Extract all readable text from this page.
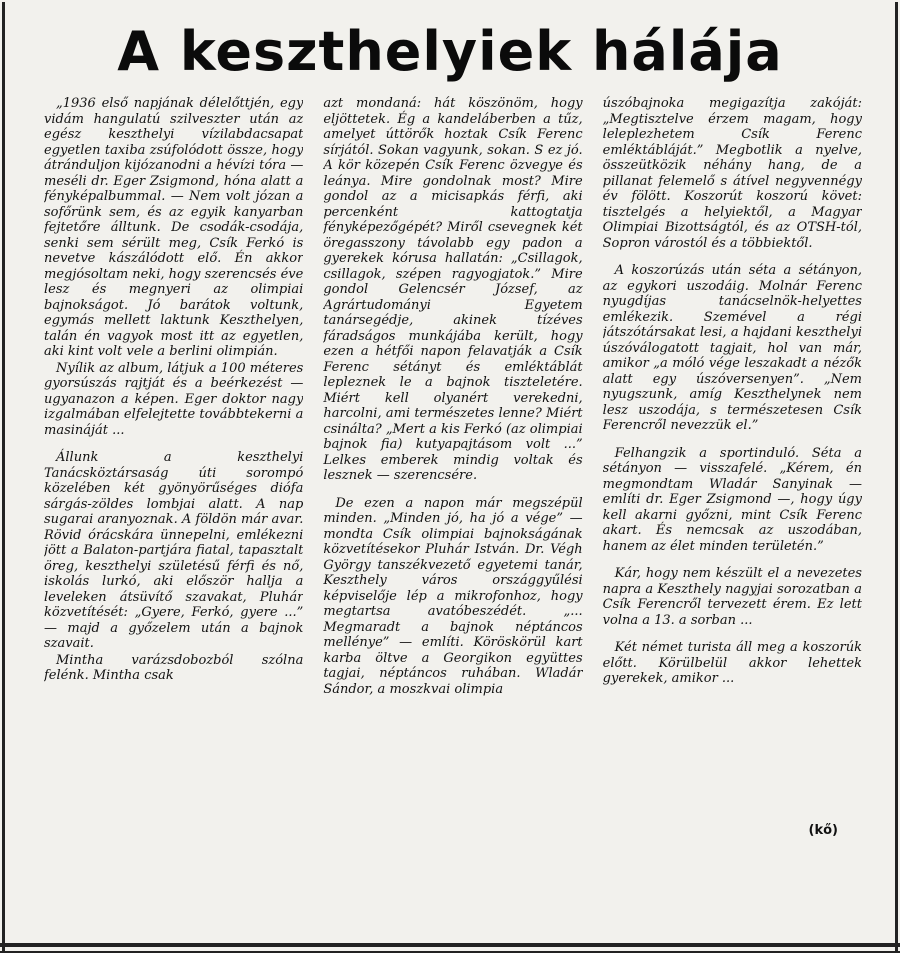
A keszthelyiek hálája

„1936 első napjának délelőttjén, egy vidám hangulatú szilveszter után az egész keszthelyi vízilabdacsapat egyetlen taxiba zsúfolódott össze, hogy átránduljon kijózanodni a hévízi tóra — meséli dr. Eger Zsigmond, hóna alatt a fényképalbummal. — Nem volt józan a sofőrünk sem, és az egyik kanyarban fejtetőre álltunk. De csodák-csodája, senki sem sérült meg, Csík Ferkó is nevetve kászálódott elő. Én akkor megjósoltam neki, hogy szerencsés éve lesz és megnyeri az olimpiai bajnokságot. Jó barátok voltunk, egymás mellett laktunk Keszthelyen, talán én vagyok most itt az egyetlen, aki kint volt vele a berlini olimpián.

Nyílik az album, látjuk a 100 méteres gyorsúszás rajtját és a beérkezést — ugyanazon a képen. Eger doktor nagy izgalmában elfelejtette továbbtekerni a masináját ...

Állunk a keszthelyi Tanácsköztársaság úti sorompó közelében két gyönyörűséges diófa sárgás-zöldes lombjai alatt. A nap sugarai aranyoznak. A földön már avar. Rövid órácskára ünnepelni, emlékezni jött a Balaton-partjára fiatal, tapasztalt öreg, keszthelyi születésű férfi és nő, iskolás lurkó, aki először hallja a leveleken átsüvítő szavakat, Pluhár közvetítését: „Gyere, Ferkó, gyere ...” — majd a győzelem után a bajnok szavait.

Mintha varázsdobozból szólna felénk. Mintha csak

azt mondaná: hát köszönöm, hogy eljöttetek. Ég a kandeláberben a tűz, amelyet úttörők hoztak Csík Ferenc sírjától. Sokan vagyunk, sokan. S ez jó. A kör közepén Csík Ferenc özvegye és leánya. Mire gondolnak most? Mire gondol az a micisapkás férfi, aki percenként kattogtatja fényképezőgépét? Miről csevegnek két öregasszony távolabb egy padon a gyerekek kórusa hallatán: „Csillagok, csillagok, szépen ragyogjatok.” Mire gondol Gelencsér József, az Agrártudományi Egyetem tanársegédje, akinek tízéves fáradságos munkájába került, hogy ezen a hétfői napon felavatják a Csík Ferenc sétányt és emléktáblát lepleznek le a bajnok tiszteletére. Miért kell olyanért verekedni, harcolni, ami természetes lenne? Miért csinálta? „Mert a kis Ferkó (az olimpiai bajnok fia) kutyapajtásom volt ...” Lelkes emberek mindig voltak és lesznek — szerencsére.

De ezen a napon már megszépül minden. „Minden jó, ha jó a vége” — mondta Csík olimpiai bajnokságának közvetítésekor Pluhár István. Dr. Végh György tanszékvezető egyetemi tanár, Keszthely város országgyűlési képviselője lép a mikrofonhoz, hogy megtartsa avatóbeszédét. „... Megmaradt a bajnok néptáncos mellénye” — említi. Köröskörül kart karba öltve a Georgikon együttes tagjai, néptáncos ruhában. Wladár Sándor, a moszkvai olimpia

úszóbajnoka megigazítja zakóját: „Megtisztelve érzem magam, hogy leleplezhetem Csík Ferenc emléktábláját.” Megbotlik a nyelve, összeütközik néhány hang, de a pillanat felemelő s átível negyvennégy év fölött. Koszorút koszorú követ: tisztelgés a helyiektől, a Magyar Olimpiai Bizottságtól, és az OTSH-tól, Sopron várostól és a többiektől.

A koszorúzás után séta a sétányon, az egykori uszodáig. Molnár Ferenc nyugdíjas tanácselnök-helyettes emlékezik. Szemével a régi játszótársakat lesi, a hajdani keszthelyi úszóválogatott tagjait, hol van már, amikor „a móló vége leszakadt a nézők alatt egy úszóversenyen”. „Nem nyugszunk, amíg Keszthelynek nem lesz uszodája, s természetesen Csík Ferencről nevezzük el.”

Felhangzik a sportinduló. Séta a sétányon — visszafelé. „Kérem, én megmondtam Wladár Sanyinak — említi dr. Eger Zsigmond —, hogy úgy kell akarni győzni, mint Csík Ferenc akart. És nemcsak az uszodában, hanem az élet minden területén.”

Kár, hogy nem készült el a nevezetes napra a Keszthely nagyjai sorozatban a Csík Ferencről tervezett érem. Ez lett volna a 13. a sorban ...

Két német turista áll meg a koszorúk előtt. Körülbelül akkor lehettek gyerekek, amikor ...

(kő)
